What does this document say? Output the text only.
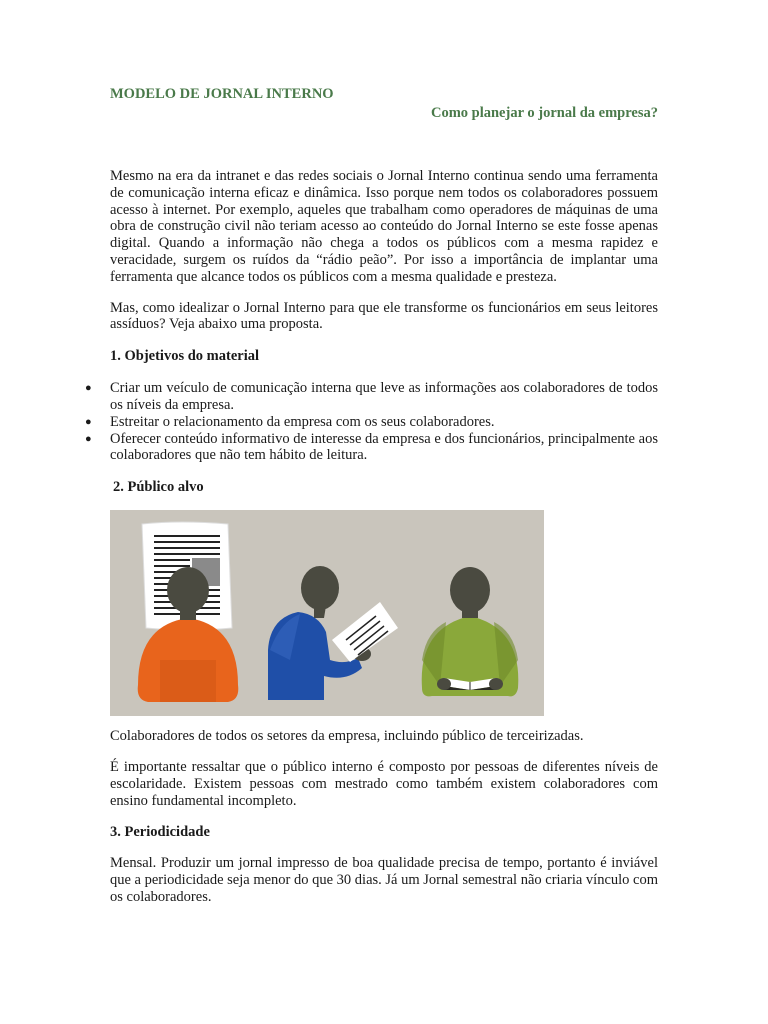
MODELO DE JORNAL INTERNO
Como planejar o jornal da empresa?

Mesmo na era da intranet e das redes sociais o Jornal Interno continua sendo uma ferramenta de comunicação interna eficaz e dinâmica. Isso porque nem todos os colaboradores possuem acesso à internet. Por exemplo, aqueles que trabalham como operadores de máquinas de uma obra de construção civil não teriam acesso ao conteúdo do Jornal Interno se este fosse apenas digital. Quando a informação não chega a todos os públicos com a mesma rapidez e veracidade, surgem os ruídos da “rádio peão”. Por isso a importância de implantar uma ferramenta que alcance todos os públicos com a mesma qualidade e presteza.

Mas, como idealizar o Jornal Interno para que ele transforme os funcionários em seus leitores assíduos? Veja abaixo uma proposta.

1. Objetivos do material
● Criar um veículo de comunicação interna que leve as informações aos colaboradores de todos os níveis da empresa.
● Estreitar o relacionamento da empresa com os seus colaboradores.
● Oferecer conteúdo informativo de interesse da empresa e dos funcionários, principalmente aos colaboradores que não tem hábito de leitura.
2. Público alvo

Colaboradores de todos os setores da empresa, incluindo público de terceirizadas.

É importante ressaltar que o público interno é composto por pessoas de diferentes níveis de escolaridade. Existem pessoas com mestrado como também existem colaboradores com ensino fundamental incompleto.

3. Periodicidade

Mensal. Produzir um jornal impresso de boa qualidade precisa de tempo, portanto é inviável que a periodicidade seja menor do que 30 dias. Já um Jornal semestral não criaria vínculo com os colaboradores.
